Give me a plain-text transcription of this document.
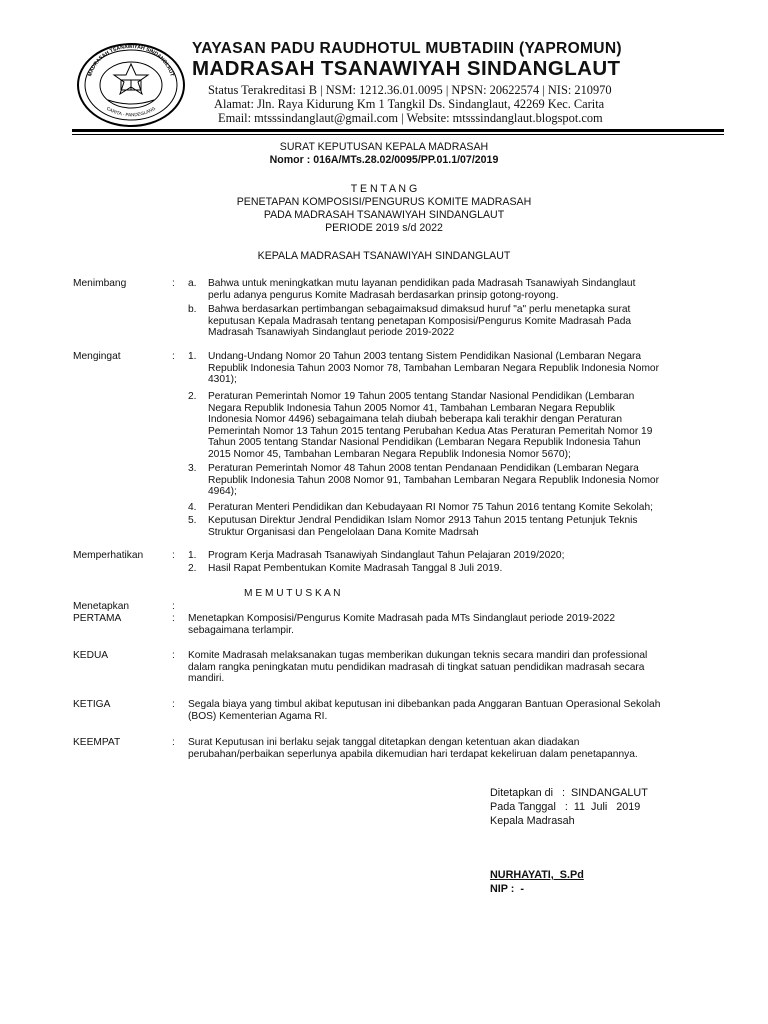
MADRASAH TSANAWIYAH SINDANGLAUT
CARITA - PANDEGLANG
YAYASAN PADU RAUDHOTUL MUBTADIIN (YAPROMUN)
MADRASAH TSANAWIYAH SINDANGLAUT
Status Terakreditasi B | NSM: 1212.36.01.0095 | NPSN: 20622574 | NIS: 210970
Alamat: Jln. Raya Kidurung Km 1 Tangkil Ds. Sindanglaut, 42269 Kec. Carita
Email: mtsssindanglaut@gmail.com | Website: mtsssindanglaut.blogspot.com
SURAT KEPUTUSAN KEPALA MADRASAH
Nomor : 016A/MTs.28.02/0095/PP.01.1/07/2019
T E N T A N G
PENETAPAN KOMPOSISI/PENGURUS KOMITE MADRASAH
PADA MADRASAH TSANAWIYAH SINDANGLAUT
PERIODE 2019 s/d 2022
KEPALA MADRASAH TSANAWIYAH SINDANGLAUT
Menimbang	: a. Bahwa untuk meningkatkan mutu layanan pendidikan pada Madrasah Tsanawiyah Sindanglaut
perlu adanya pengurus Komite Madrasah berdasarkan prinsip gotong-royong.
b. Bahwa berdasarkan pertimbangan sebagaimaksud dimaksud huruf "a" perlu menetapka surat
keputusan Kepala Madrasah tentang penetapan Komposisi/Pengurus Komite Madrasah Pada
Madrasah Tsanawiyah Sindanglaut periode 2019-2022
Mengingat	: 1. Undang-Undang Nomor 20 Tahun 2003 tentang Sistem Pendidikan Nasional (Lembaran Negara
Republik Indonesia Tahun 2003 Nomor 78, Tambahan Lembaran Negara Republik Indonesia Nomor
4301);
2. Peraturan Pemerintah Nomor 19 Tahun 2005 tentang Standar Nasional Pendidikan (Lembaran
Negara Republik Indonesia Tahun 2005 Nomor 41, Tambahan Lembaran Negara Republik
Indonesia Nomor 4496) sebagaimana telah diubah beberapa kali terakhir dengan Peraturan
Pemerintah Nomor 13 Tahun 2015 tentang Perubahan Kedua Atas Peraturan Pemeritah Nomor 19
Tahun 2005 tentang Standar Nasional Pendidikan (Lembaran Negara Republik Indonesia Tahun
2015 Nomor 45, Tambahan Lembaran Negara Republik Indonesia Nomor 5670);
3. Peraturan Pemerintah Nomor 48 Tahun 2008 tentan Pendanaan Pendidikan (Lembaran Negara
Republik Indonesia Tahun 2008 Nomor 91, Tambahan Lembaran Negara Republik Indonesia Nomor
4964);
4. Peraturan Menteri Pendidikan dan Kebudayaan RI Nomor 75 Tahun 2016 tentang Komite Sekolah;
5. Keputusan Direktur Jendral Pendidikan Islam Nomor 2913 Tahun 2015 tentang Petunjuk Teknis
Struktur Organisasi dan Pengelolaan Dana Komite Madrsah
Memperhatikan	: 1. Program Kerja Madrasah Tsanawiyah Sindanglaut Tahun Pelajaran 2019/2020;
2. Hasil Rapat Pembentukan Komite Madrasah Tanggal 8 Juli 2019.
M E M U T U S K A N
Menetapkan	:
PERTAMA	: Menetapkan Komposisi/Pengurus Komite Madrasah pada MTs Sindanglaut periode 2019-2022
sebagaimana terlampir.
KEDUA	: Komite Madrasah melaksanakan tugas memberikan dukungan teknis secara mandiri dan professional
dalam rangka peningkatan mutu pendidikan madrasah di tingkat satuan pendidikan madrasah secara
mandiri.
KETIGA	: Segala biaya yang timbul akibat keputusan ini dibebankan pada Anggaran Bantuan Operasional Sekolah
(BOS) Kementerian Agama RI.
KEEMPAT	: Surat Keputusan ini berlaku sejak tanggal ditetapkan dengan ketentuan akan diadakan
perubahan/perbaikan seperlunya apabila dikemudian hari terdapat kekeliruan dalam penetapannya.
Ditetapkan di   :  SINDANGALUT
Pada Tanggal   :  11  Juli   2019
Kepala Madrasah
NURHAYATI,  S.Pd
NIP :  -
